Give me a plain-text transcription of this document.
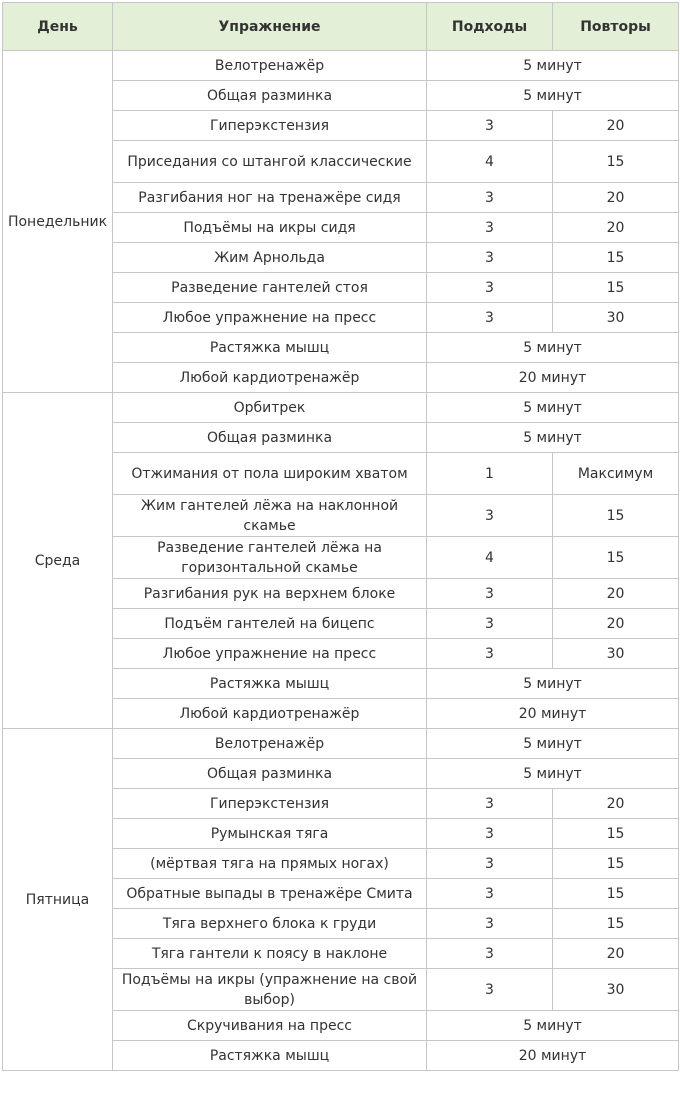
День	Упражнение	Подходы	Повторы
Понедельник	Велотренажёр	5 минут	
	Общая разминка	5 минут	
	Гиперэкстензия	3	20
	Приседания со штангой классические	4	15
	Разгибания ног на тренажёре сидя	3	20
	Подъёмы на икры сидя	3	20
	Жим Арнольда	3	15
	Разведение гантелей стоя	3	15
	Любое упражнение на пресс	3	30
	Растяжка мышц	5 минут	
	Любой кардиотренажёр	20 минут	
Среда	Орбитрек	5 минут	
	Общая разминка	5 минут	
	Отжимания от пола широким хватом	1	Максимум
	Жим гантелей лёжа на наклонной скамье	3	15
	Разведение гантелей лёжа на горизонтальной скамье	4	15
	Разгибания рук на верхнем блоке	3	20
	Подъём гантелей на бицепс	3	20
	Любое упражнение на пресс	3	30
	Растяжка мышц	5 минут	
	Любой кардиотренажёр	20 минут	
Пятница	Велотренажёр	5 минут	
	Общая разминка	5 минут	
	Гиперэкстензия	3	20
	Румынская тяга	3	15
	(мёртвая тяга на прямых ногах)	3	15
	Обратные выпады в тренажёре Смита	3	15
	Тяга верхнего блока к груди	3	15
	Тяга гантели к поясу в наклоне	3	20
	Подъёмы на икры (упражнение на свой выбор)	3	30
	Скручивания на пресс	5 минут	
	Растяжка мышц	20 минут	
